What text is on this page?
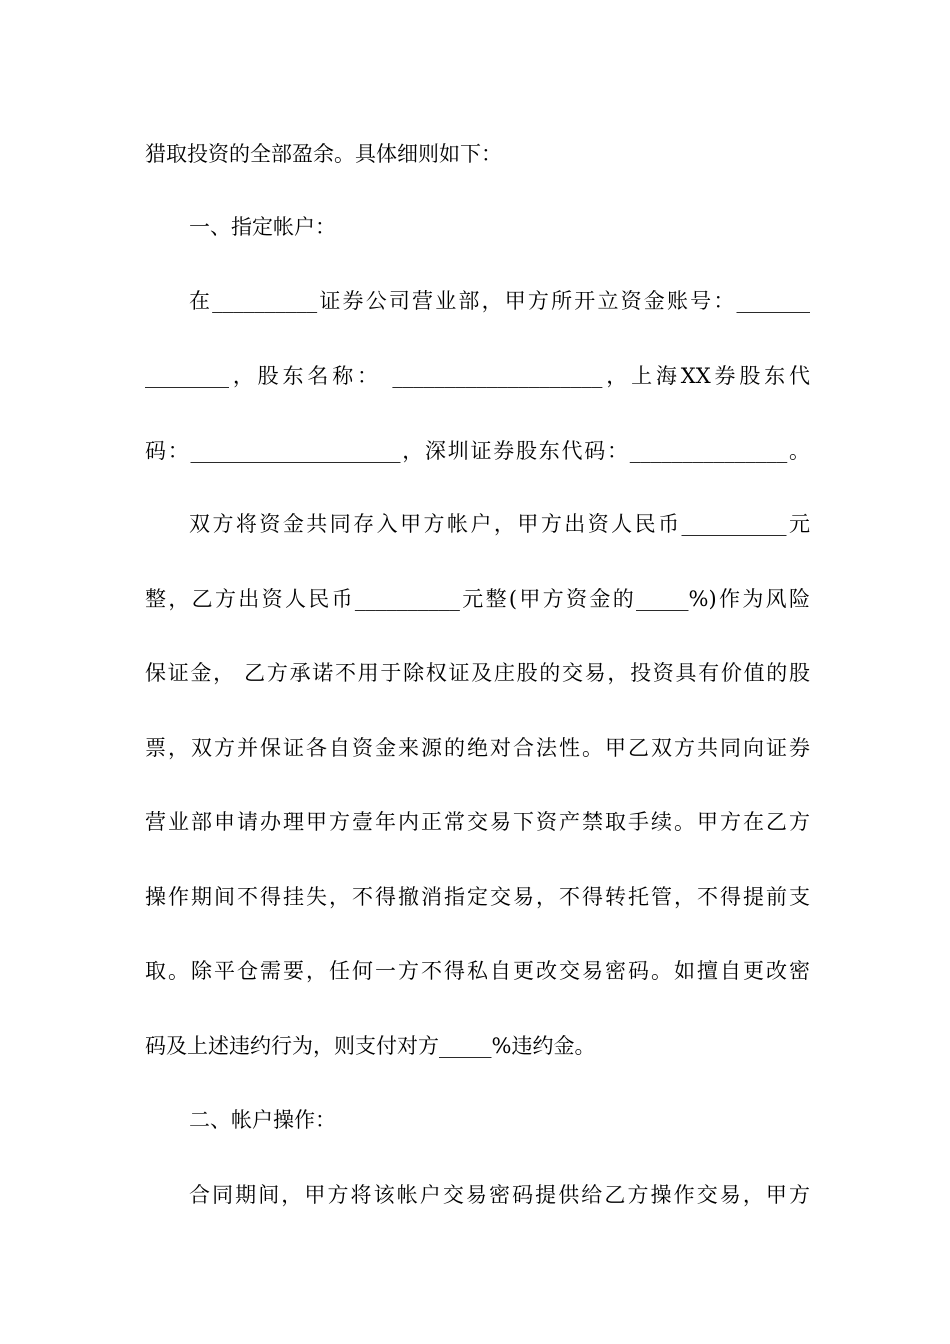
猎取投资的全部盈余。具体细则如下：
一、指定帐户：
在__________证券公司营业部，甲方所开立资金账号：_______
________，股东名称： ____________________，上海XX券股东代
码：____________________，深圳证券股东代码：_______________。
双方将资金共同存入甲方帐户，甲方出资人民币__________元
整，乙方出资人民币__________元整(甲方资金的_____%)作为风险
保证金， 乙方承诺不用于除权证及庄股的交易，投资具有价值的股
票，双方并保证各自资金来源的绝对合法性。甲乙双方共同向证券
营业部申请办理甲方壹年内正常交易下资产禁取手续。甲方在乙方
操作期间不得挂失，不得撤消指定交易，不得转托管，不得提前支
取。除平仓需要，任何一方不得私自更改交易密码。如擅自更改密
码及上述违约行为，则支付对方_____%违约金。
二、帐户操作：
合同期间，甲方将该帐户交易密码提供给乙方操作交易，甲方
